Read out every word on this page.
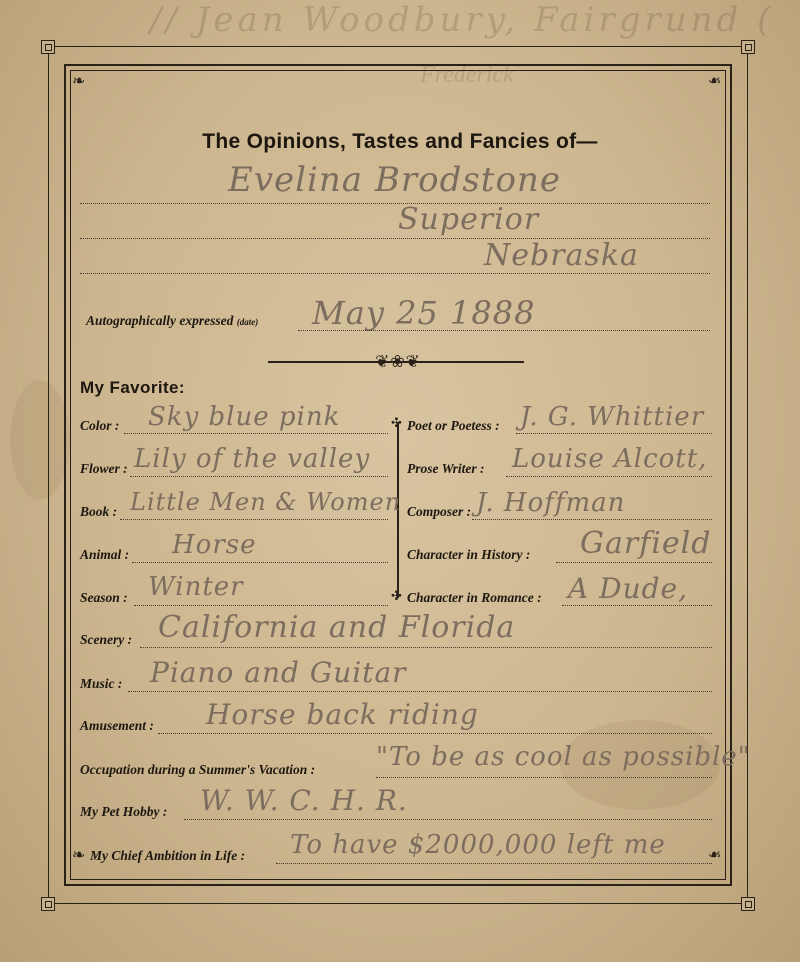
// Jean Woodbury, Fairgrund (
Frederick
❧	❧
❧	❧
The Opinions, Tastes and Fancies of—
Evelina Brodstone
Superior
Nebraska
Autographically expressed (date) May 25 1888
❦❀❦
My Favorite:
✣
✣
Color : Sky blue pink
Flower : Lily of the valley
Book : Little Men & Women
Animal : Horse
Season : Winter
Poet or Poetess : J. G. Whittier
Prose Writer : Louise Alcott,
Composer : J. Hoffman
Character in History : Garfield
Character in Romance : A Dude,
Scenery : California and Florida
Music : Piano and Guitar
Amusement : Horse back riding
Occupation during a Summer's Vacation : "To be as cool as possible"
My Pet Hobby : W. W. C. H. R.
My Chief Ambition in Life : To have $2000,000 left me
